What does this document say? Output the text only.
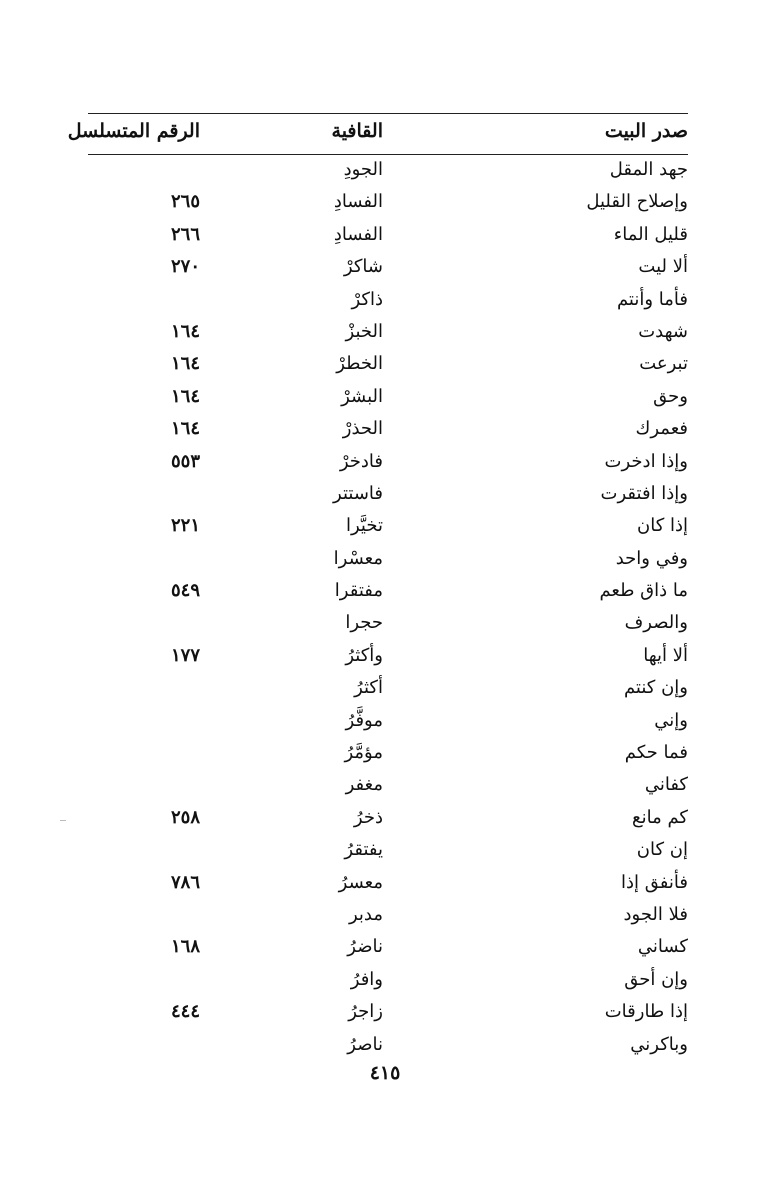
صدر البيت
القافية
الرقم المتسلسل
جهد المقل
الجودِ
وإصلاح القليل
الفسادِ
٢٦٥
قليل الماء
الفسادِ
٢٦٦
ألا ليت
شاكرْ
٢٧٠
فأما وأنتم
ذاكرْ
شهدت
الخبزْ
١٦٤
تبرعت
الخطرْ
١٦٤
وحق
البشرْ
١٦٤
فعمرك
الحذرْ
١٦٤
وإذا ادخرت
فادخرْ
٥٥٣
وإذا افتقرت
فاستتر
إذا كان
تخيَّرا
٢٢١
وفي واحد
معسْرا
ما ذاق طعم
مفتقرا
٥٤٩
والصرف
حجرا
ألا أيها
وأكثرُ
١٧٧
وإن كنتم
أكثرُ
وإني
موفَّرُ
فما حكم
مؤمَّرُ
كفاني
مغفر
كم مانع
ذخرُ
٢٥٨
إن كان
يفتقرُ
فأنفق إذا
معسرُ
٧٨٦
فلا الجود
مدبر
كساني
ناضرُ
١٦٨
وإن أحق
وافرُ
إذا طارقات
زاجرُ
٤٤٤
وباكرني
ناصرُ
٤١٥
